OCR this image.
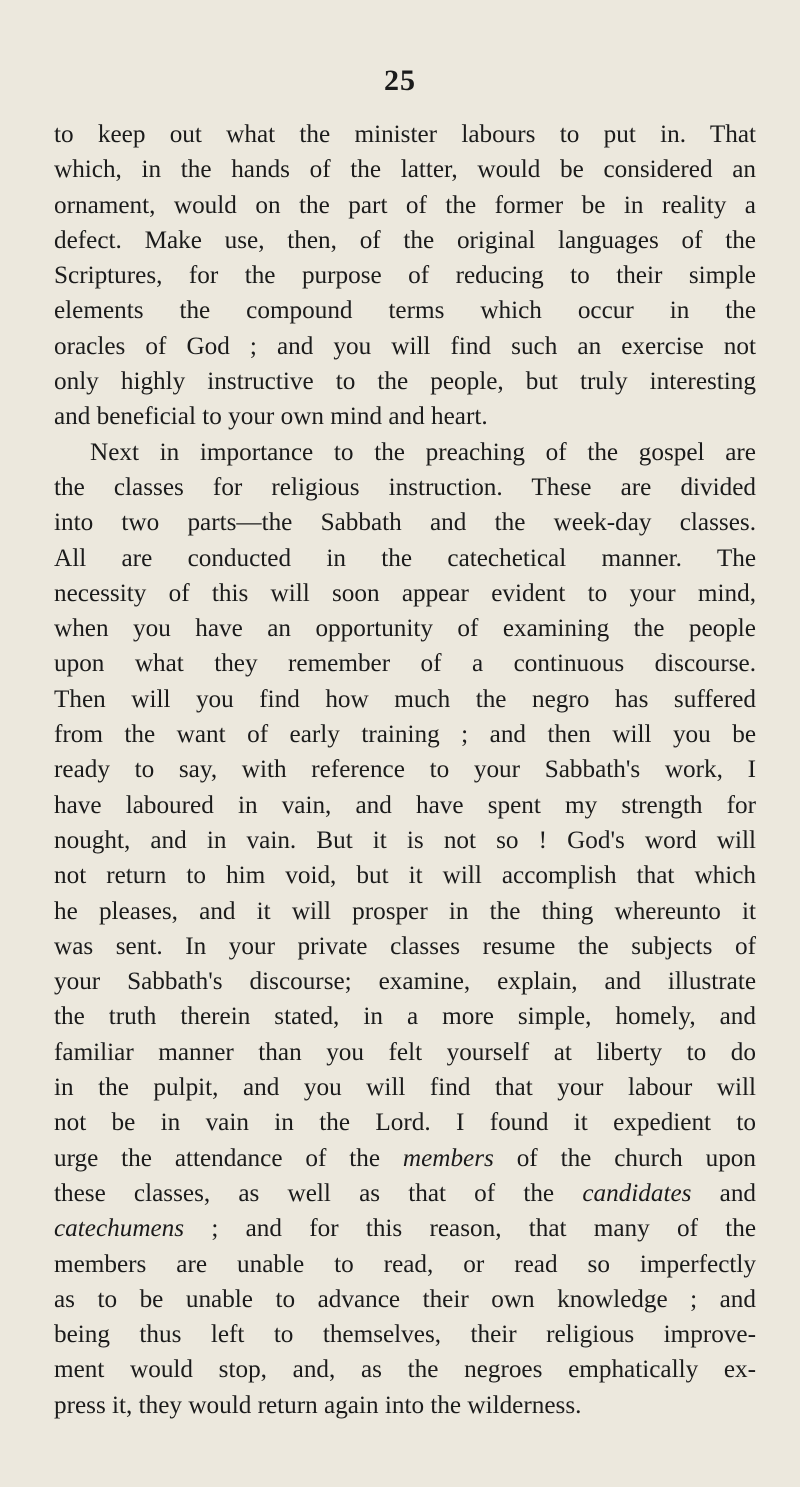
25
to keep out what the minister labours to put in. That
which, in the hands of the latter, would be considered an
ornament, would on the part of the former be in reality a
defect. Make use, then, of the original languages of the
Scriptures, for the purpose of reducing to their simple
elements the compound terms which occur in the
oracles of God ; and you will find such an exercise not
only highly instructive to the people, but truly interesting
and beneficial to your own mind and heart.
Next in importance to the preaching of the gospel are
the classes for religious instruction. These are divided
into two parts—the Sabbath and the week-day classes.
All are conducted in the catechetical manner. The
necessity of this will soon appear evident to your mind,
when you have an opportunity of examining the people
upon what they remember of a continuous discourse.
Then will you find how much the negro has suffered
from the want of early training ; and then will you be
ready to say, with reference to your Sabbath's work, I
have laboured in vain, and have spent my strength for
nought, and in vain. But it is not so ! God's word will
not return to him void, but it will accomplish that which
he pleases, and it will prosper in the thing whereunto it
was sent. In your private classes resume the subjects of
your Sabbath's discourse; examine, explain, and illustrate
the truth therein stated, in a more simple, homely, and
familiar manner than you felt yourself at liberty to do
in the pulpit, and you will find that your labour will
not be in vain in the Lord. I found it expedient to
urge the attendance of the members of the church upon
these classes, as well as that of the candidates and
catechumens ; and for this reason, that many of the
members are unable to read, or read so imperfectly
as to be unable to advance their own knowledge ; and
being thus left to themselves, their religious improve-
ment would stop, and, as the negroes emphatically ex-
press it, they would return again into the wilderness.
